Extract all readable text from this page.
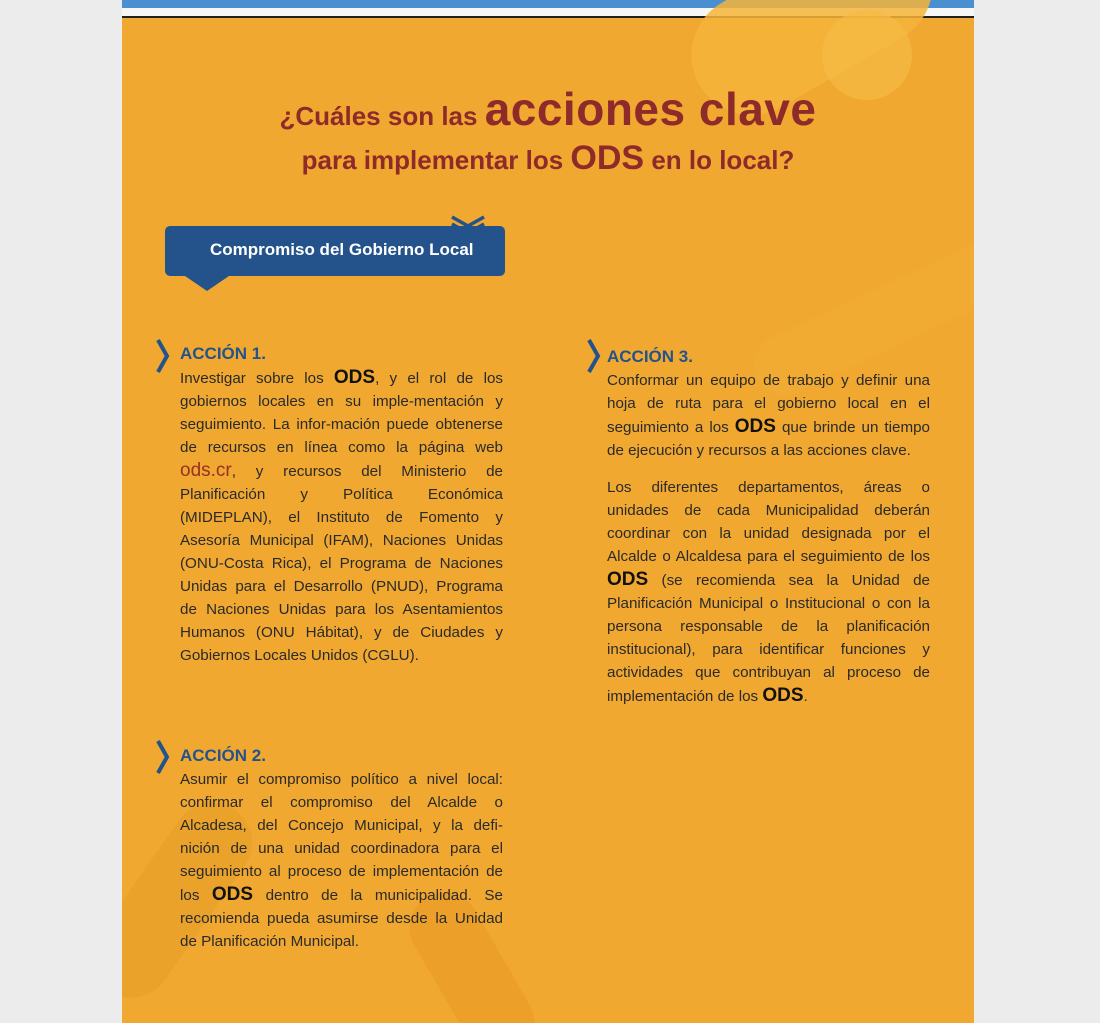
¿Cuáles son las acciones clave
para implementar los ODS en lo local?
Compromiso del Gobierno Local
ACCIÓN 1.

Investigar sobre los ODS, y el rol de los gobiernos locales en su imple-mentación y seguimiento. La infor-mación puede obtenerse de recursos en línea como la página web ods.cr, y recursos del Ministerio de Planificación y Política Económica (MIDEPLAN), el Instituto de Fomento y Asesoría Municipal (IFAM), Naciones Unidas (ONU-Costa Rica), el Programa de Naciones Unidas para el Desarrollo (PNUD), Programa de Naciones Unidas para los Asentamientos Humanos (ONU Hábitat), y de Ciudades y Gobiernos Locales Unidos (CGLU).

ACCIÓN 2.

Asumir el compromiso político a nivel local: confirmar el compromiso del Alcalde o Alcadesa, del Concejo Municipal, y la defi-nición de una unidad coordinadora para el seguimiento al proceso de implementación de los ODS dentro de la municipalidad. Se recomienda pueda asumirse desde la Unidad de Planificación Municipal.

ACCIÓN 3.

Conformar un equipo de trabajo y definir una hoja de ruta para el gobierno local en el seguimiento a los ODS que brinde un tiempo de ejecución y recursos a las acciones clave.

Los diferentes departamentos, áreas o unidades de cada Municipalidad deberán coordinar con la unidad designada por el Alcalde o Alcaldesa para el seguimiento de los ODS (se recomienda sea la Unidad de Planificación Municipal o Institucional o con la persona responsable de la planificación institucional), para identificar funciones y actividades que contribuyan al proceso de implementación de los ODS.
